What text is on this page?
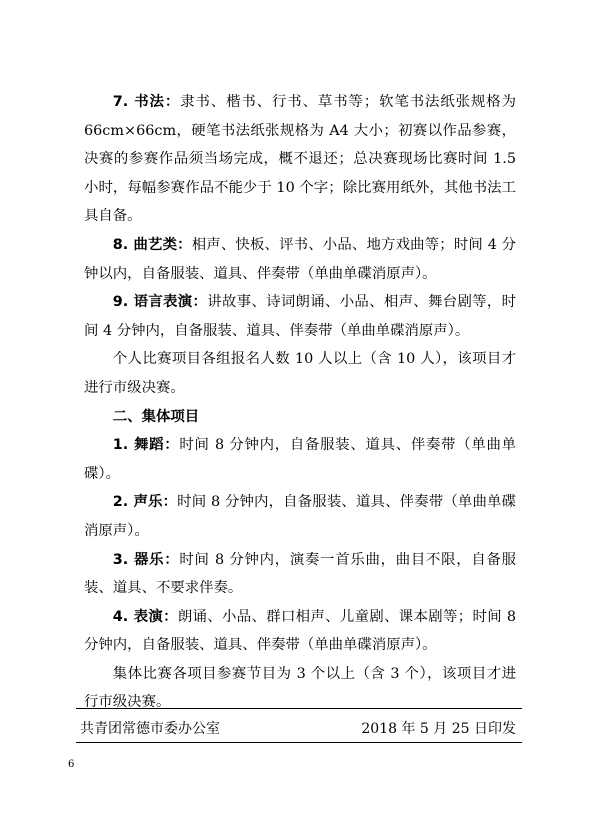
7. 书法：隶书、楷书、行书、草书等；软笔书法纸张规格为66cm×66cm，硬笔书法纸张规格为 A4 大小；初赛以作品参赛，决赛的参赛作品须当场完成，概不退还；总决赛现场比赛时间 1.5 小时，每幅参赛作品不能少于 10 个字；除比赛用纸外，其他书法工具自备。

8. 曲艺类：相声、快板、评书、小品、地方戏曲等；时间 4 分钟以内，自备服装、道具、伴奏带（单曲单碟消原声）。

9. 语言表演：讲故事、诗词朗诵、小品、相声、舞台剧等，时间 4 分钟内，自备服装、道具、伴奏带（单曲单碟消原声）。

个人比赛项目各组报名人数 10 人以上（含 10 人），该项目才进行市级决赛。

二、集体项目

1. 舞蹈：时间 8 分钟内，自备服装、道具、伴奏带（单曲单碟）。

2. 声乐：时间 8 分钟内，自备服装、道具、伴奏带（单曲单碟消原声）。

3. 器乐：时间 8 分钟内，演奏一首乐曲，曲目不限，自备服装、道具、不要求伴奏。

4. 表演：朗诵、小品、群口相声、儿童剧、课本剧等；时间 8 分钟内，自备服装、道具、伴奏带（单曲单碟消原声）。

集体比赛各项目参赛节目为 3 个以上（含 3 个），该项目才进行市级决赛。

共青团常德市委办公室	2018 年 5 月 25 日印发
6
